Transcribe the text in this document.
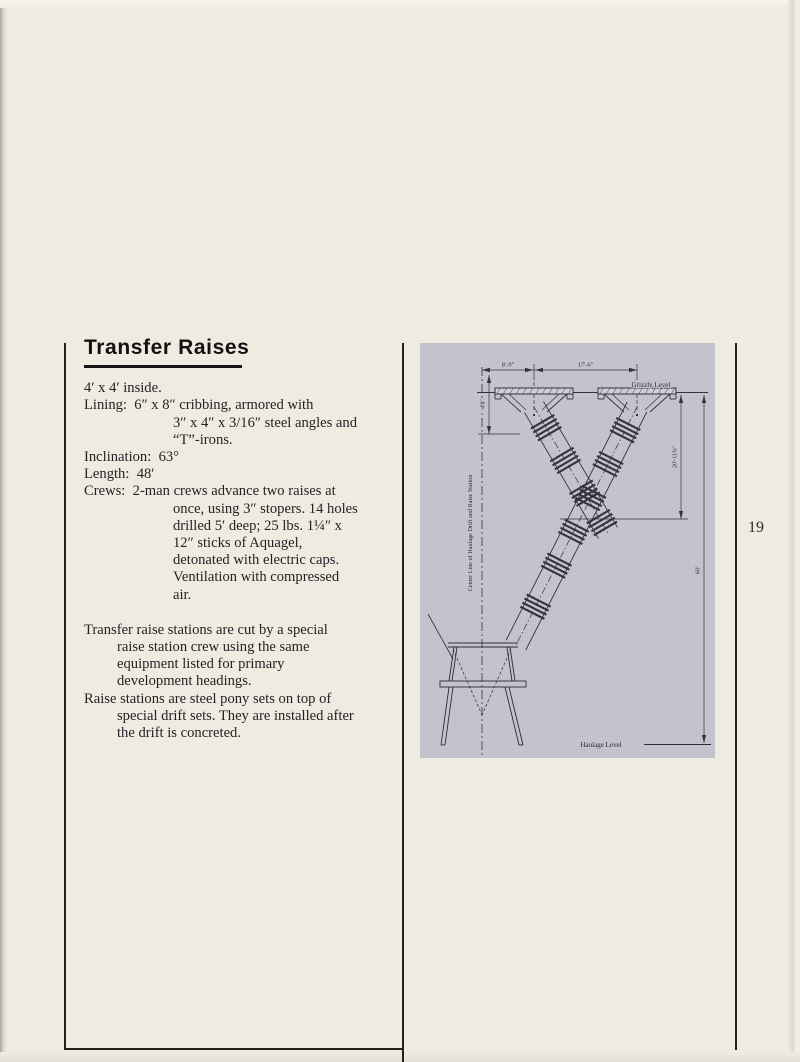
Transfer Raises
4′ x 4′ inside.
Lining:  6″ x 8″ cribbing, armored with
3″ x 4″ x 3/16″ steel angles and
“T”-irons.
Inclination:  63°
Length:  48′
Crews:  2-man crews advance two raises at
once, using 3″ stopers. 14 holes
drilled 5′ deep; 25 lbs. 1¼″ x
12″ sticks of Aquagel,
detonated with electric caps.
Ventilation with compressed
air.
Transfer raise stations are cut by a special
raise station crew using the same
equipment listed for primary
development headings.
Raise stations are steel pony sets on top of
special drift sets. They are installed after
the drift is concreted.
19
8′-9″	17′-6″
Grizzly Level
4′8″
Center Line of Haulage Drift and Raise Station
20′-11⅝″
60′
Haulage Level
